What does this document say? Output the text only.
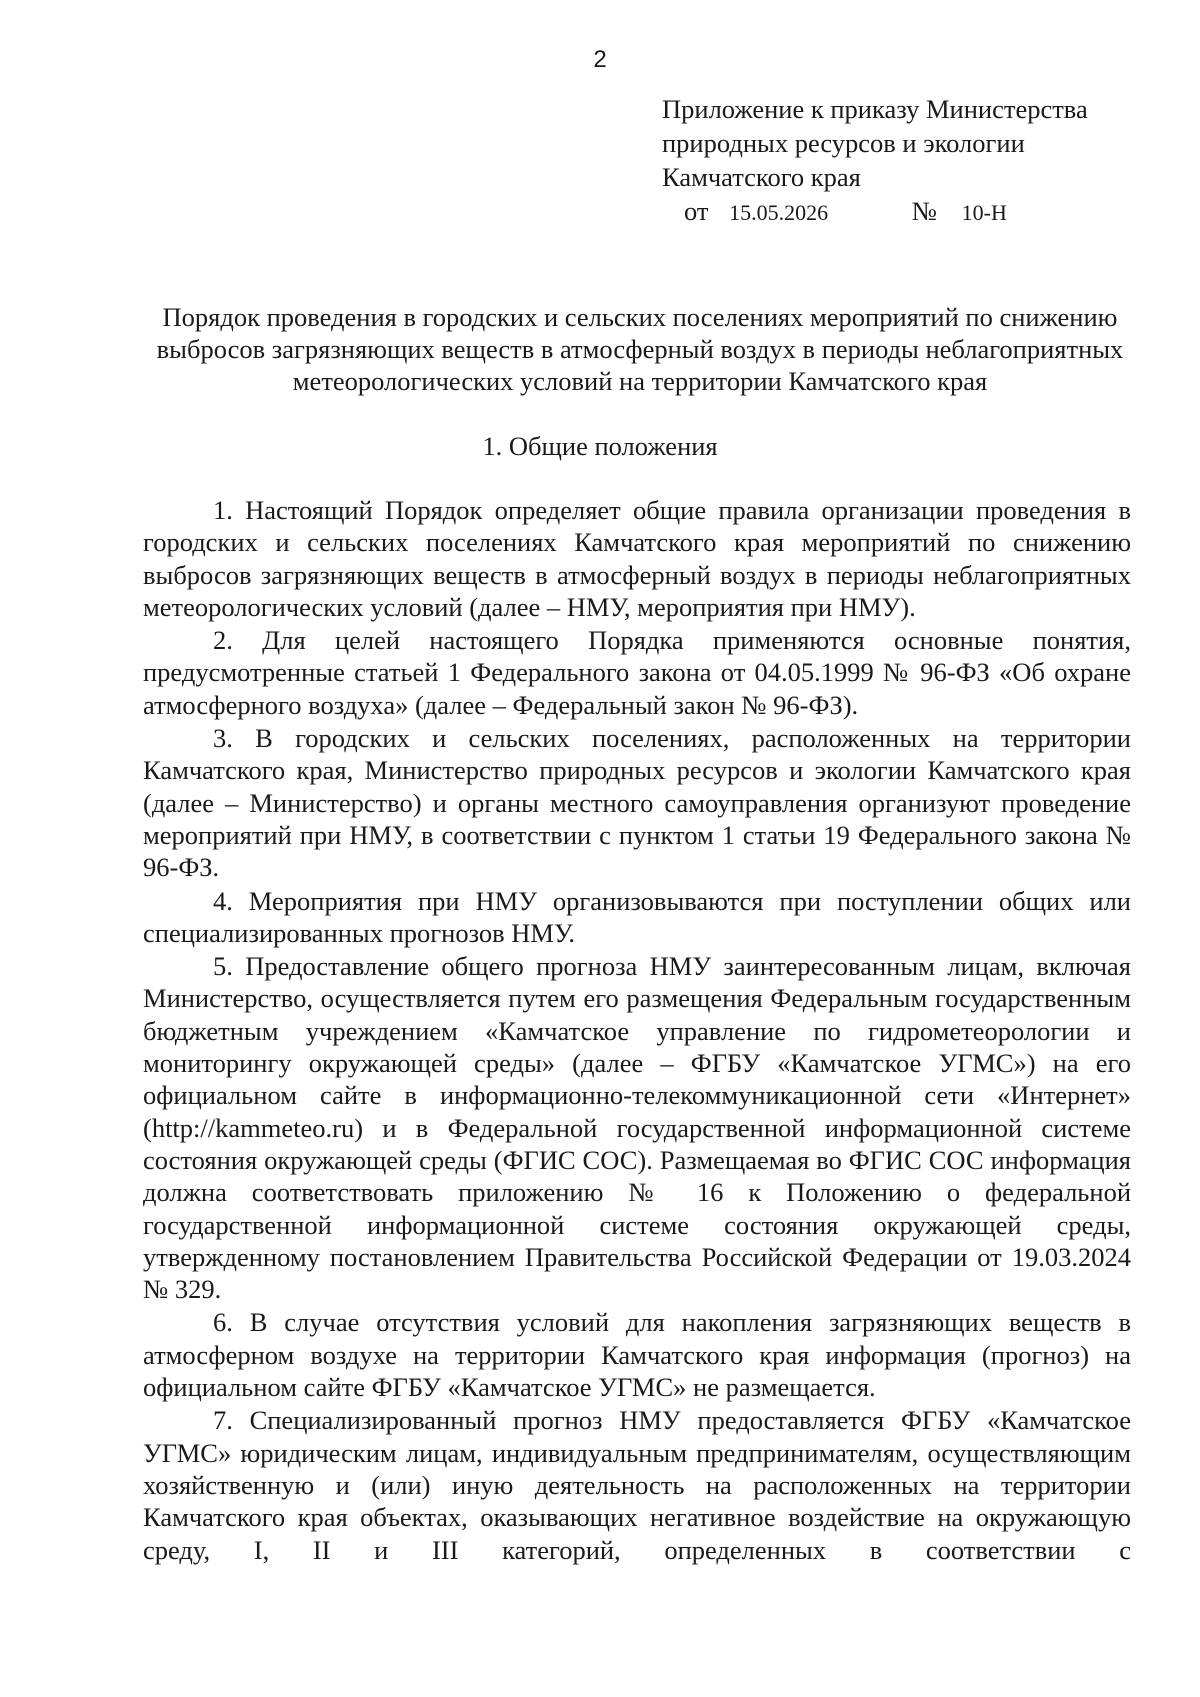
2
Приложение к приказу Министерства
природных ресурсов и экологии
Камчатского края
от 15.05.2026	№ 10-Н
Порядок проведения в городских и сельских поселениях мероприятий по снижению выбросов загрязняющих веществ в атмосферный воздух в периоды неблагоприятных метеорологических условий на территории Камчатского края
1. Общие положения

1. Настоящий Порядок определяет общие правила организации проведения в городских и сельских поселениях Камчатского края мероприятий по снижению выбросов загрязняющих веществ в атмосферный воздух в периоды неблагоприятных метеорологических условий (далее – НМУ, мероприятия при НМУ).

2. Для целей настоящего Порядка применяются основные понятия, предусмотренные статьей 1 Федерального закона от 04.05.1999 № 96-ФЗ «Об охране атмосферного воздуха» (далее – Федеральный закон № 96-ФЗ).

3. В городских и сельских поселениях, расположенных на территории Камчатского края, Министерство природных ресурсов и экологии Камчатского края (далее – Министерство) и органы местного самоуправления организуют проведение мероприятий при НМУ, в соответствии с пунктом 1 статьи 19 Федерального закона № 96-ФЗ.

4. Мероприятия при НМУ организовываются при поступлении общих или специализированных прогнозов НМУ.

5. Предоставление общего прогноза НМУ заинтересованным лицам, включая Министерство, осуществляется путем его размещения Федеральным государственным бюджетным учреждением «Камчатское управление по гидрометеорологии и мониторингу окружающей среды» (далее – ФГБУ «Камчатское УГМС») на его официальном сайте в информационно-телекоммуникационной сети «Интернет» (http://kammeteo.ru) и в Федеральной государственной информационной системе состояния окружающей среды (ФГИС СОС). Размещаемая во ФГИС СОС информация должна соответствовать приложению № 16 к Положению о федеральной государственной информационной системе состояния окружающей среды, утвержденному постановлением Правительства Российской Федерации от 19.03.2024 № 329.

6. В случае отсутствия условий для накопления загрязняющих веществ в атмосферном воздухе на территории Камчатского края информация (прогноз) на официальном сайте ФГБУ «Камчатское УГМС» не размещается.

7. Специализированный прогноз НМУ предоставляется ФГБУ «Камчатское УГМС» юридическим лицам, индивидуальным предпринимателям, осуществляющим хозяйственную и (или) иную деятельность на расположенных на территории Камчатского края объектах, оказывающих негативное воздействие на окружающую среду, I, II и III категорий, определенных в соответствии с
